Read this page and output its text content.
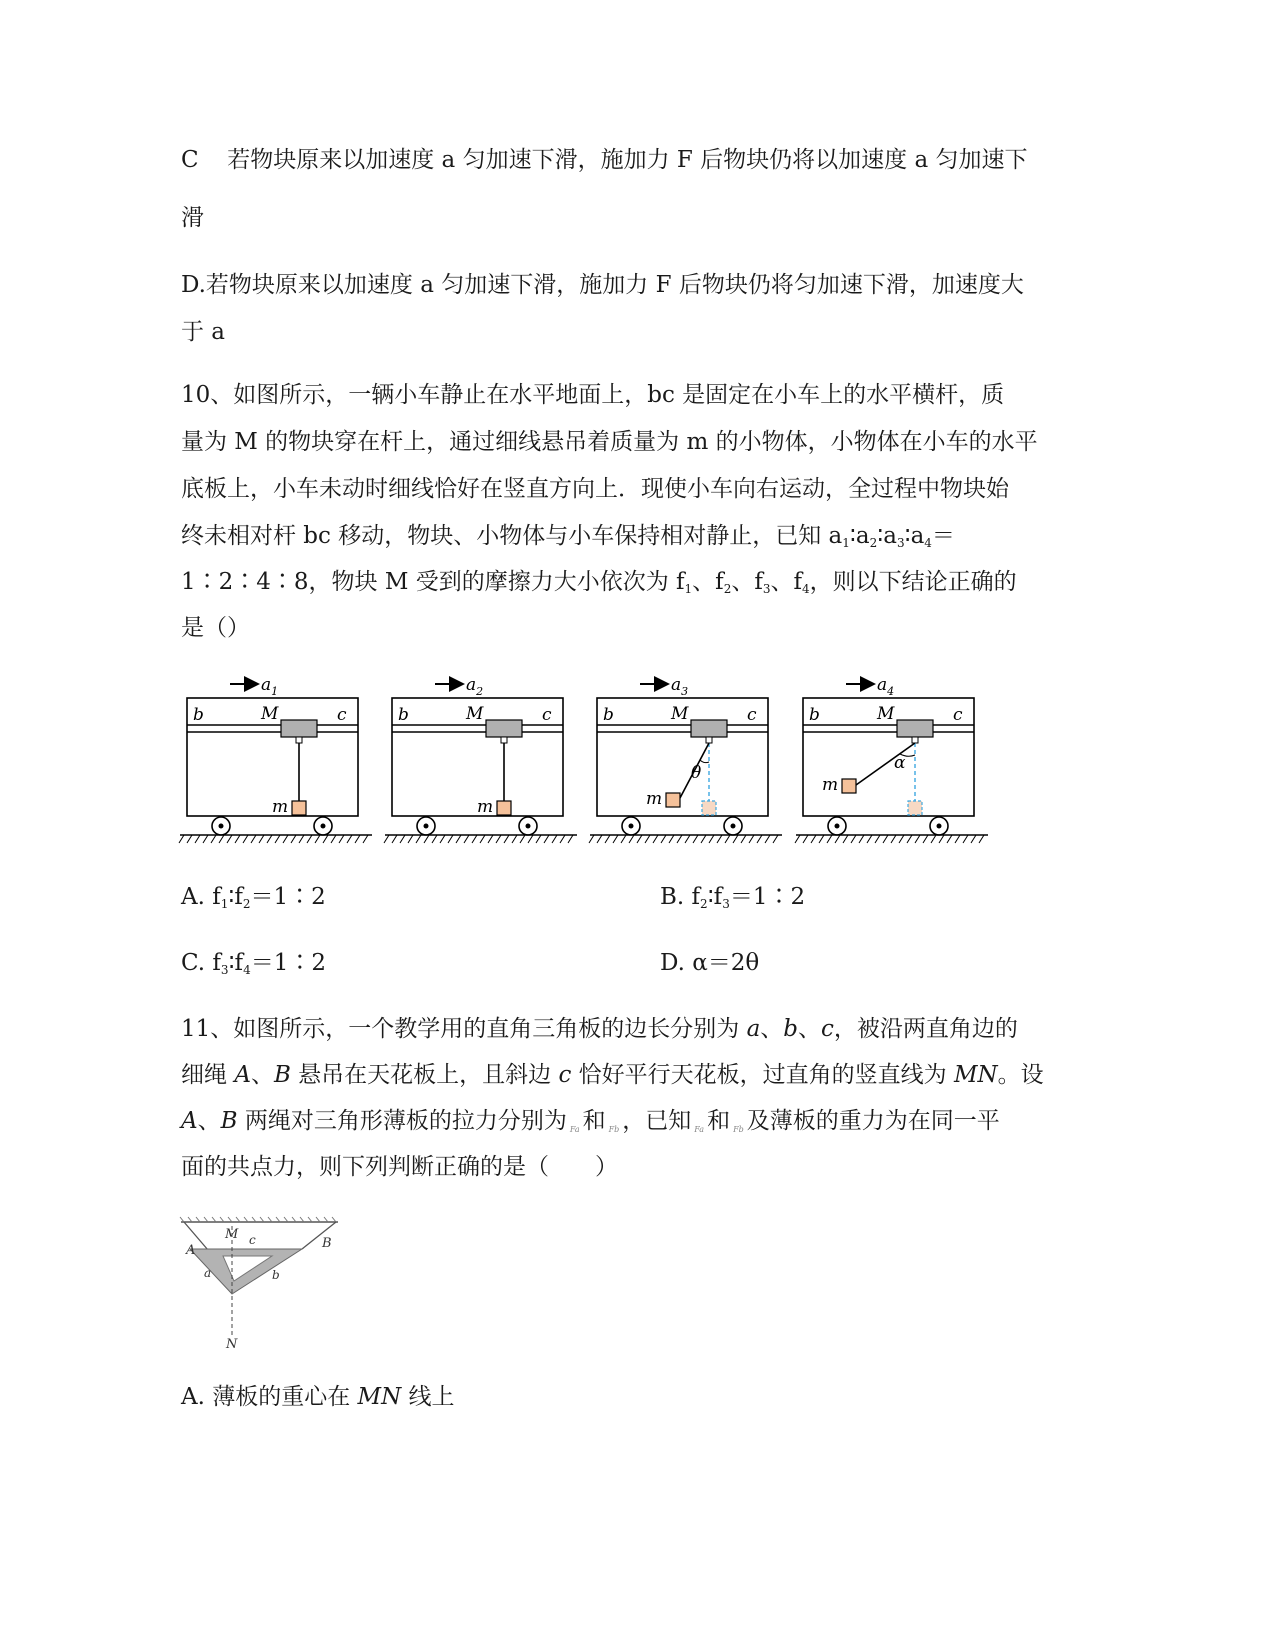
C 若物块原来以加速度 a 匀加速下滑，施加力 F 后物块仍将以加速度 a 匀加速下
滑
D.若物块原来以加速度 a 匀加速下滑，施加力 F 后物块仍将匀加速下滑，加速度大
于 a
10、如图所示，一辆小车静止在水平地面上，bc 是固定在小车上的水平横杆，质
量为 M 的物块穿在杆上，通过细线悬吊着质量为 m 的小物体，小物体在小车的水平
底板上，小车未动时细线恰好在竖直方向上．现使小车向右运动，全过程中物块始
终未相对杆 bc 移动，物块、小物体与小车保持相对静止，已知 $a_1∶a_2∶a_3∶a_4=$
1∶2∶4∶8，物块 M 受到的摩擦力大小依次为 $f_1$、$f_2$、$f_3$、$f_4$，则以下结论正确的
是（）
$a_1$
b	M	c
m
$a_2$
b	M	c
m
$a_3$
b	M	c
m
θ
$a_4$
b	M	c
m
α
A. $f_1∶f_2=1∶2$	B. $f_2∶f_3=1∶2$
C. $f_3∶f_4=1∶2$	D. α＝2θ
11、如图所示，一个教学用的直角三角板的边长分别为 a、b、c，被沿两直角边的
细绳 A、B 悬吊在天花板上，且斜边 c 恰好平行天花板，过直角的竖直线为 MN。设
A、B 两绳对三角形薄板的拉力分别为 Fa 和 Fb ，已知 Fa 和 Fb 及薄板的重力为在同一平
面的共点力，则下列判断正确的是（　　）
M
N
A	B
c
a	b
A. 薄板的重心在 MN 线上
